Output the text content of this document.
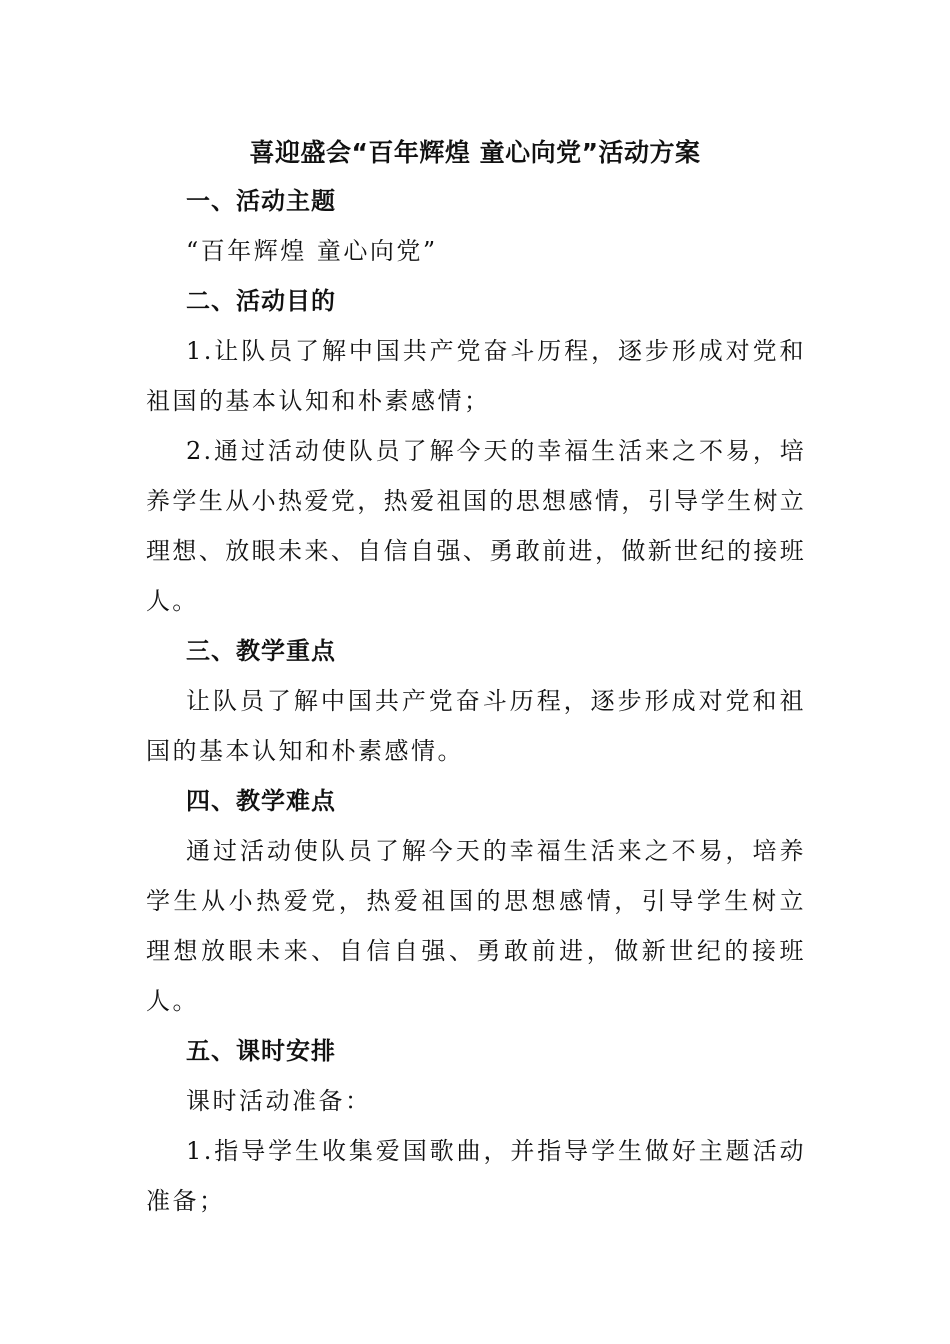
喜迎盛会“百年辉煌 童心向党”活动方案
一、活动主题

“百年辉煌 童心向党”

二、活动目的

1.让队员了解中国共产党奋斗历程，逐步形成对党和祖国的基本认知和朴素感情；

2.通过活动使队员了解今天的幸福生活来之不易，培养学生从小热爱党，热爱祖国的思想感情，引导学生树立理想、放眼未来、自信自强、勇敢前进，做新世纪的接班人。

三、教学重点

让队员了解中国共产党奋斗历程，逐步形成对党和祖国的基本认知和朴素感情。

四、教学难点

通过活动使队员了解今天的幸福生活来之不易，培养学生从小热爱党，热爱祖国的思想感情，引导学生树立理想放眼未来、自信自强、勇敢前进，做新世纪的接班人。

五、课时安排

课时活动准备：

1.指导学生收集爱国歌曲，并指导学生做好主题活动准备；
